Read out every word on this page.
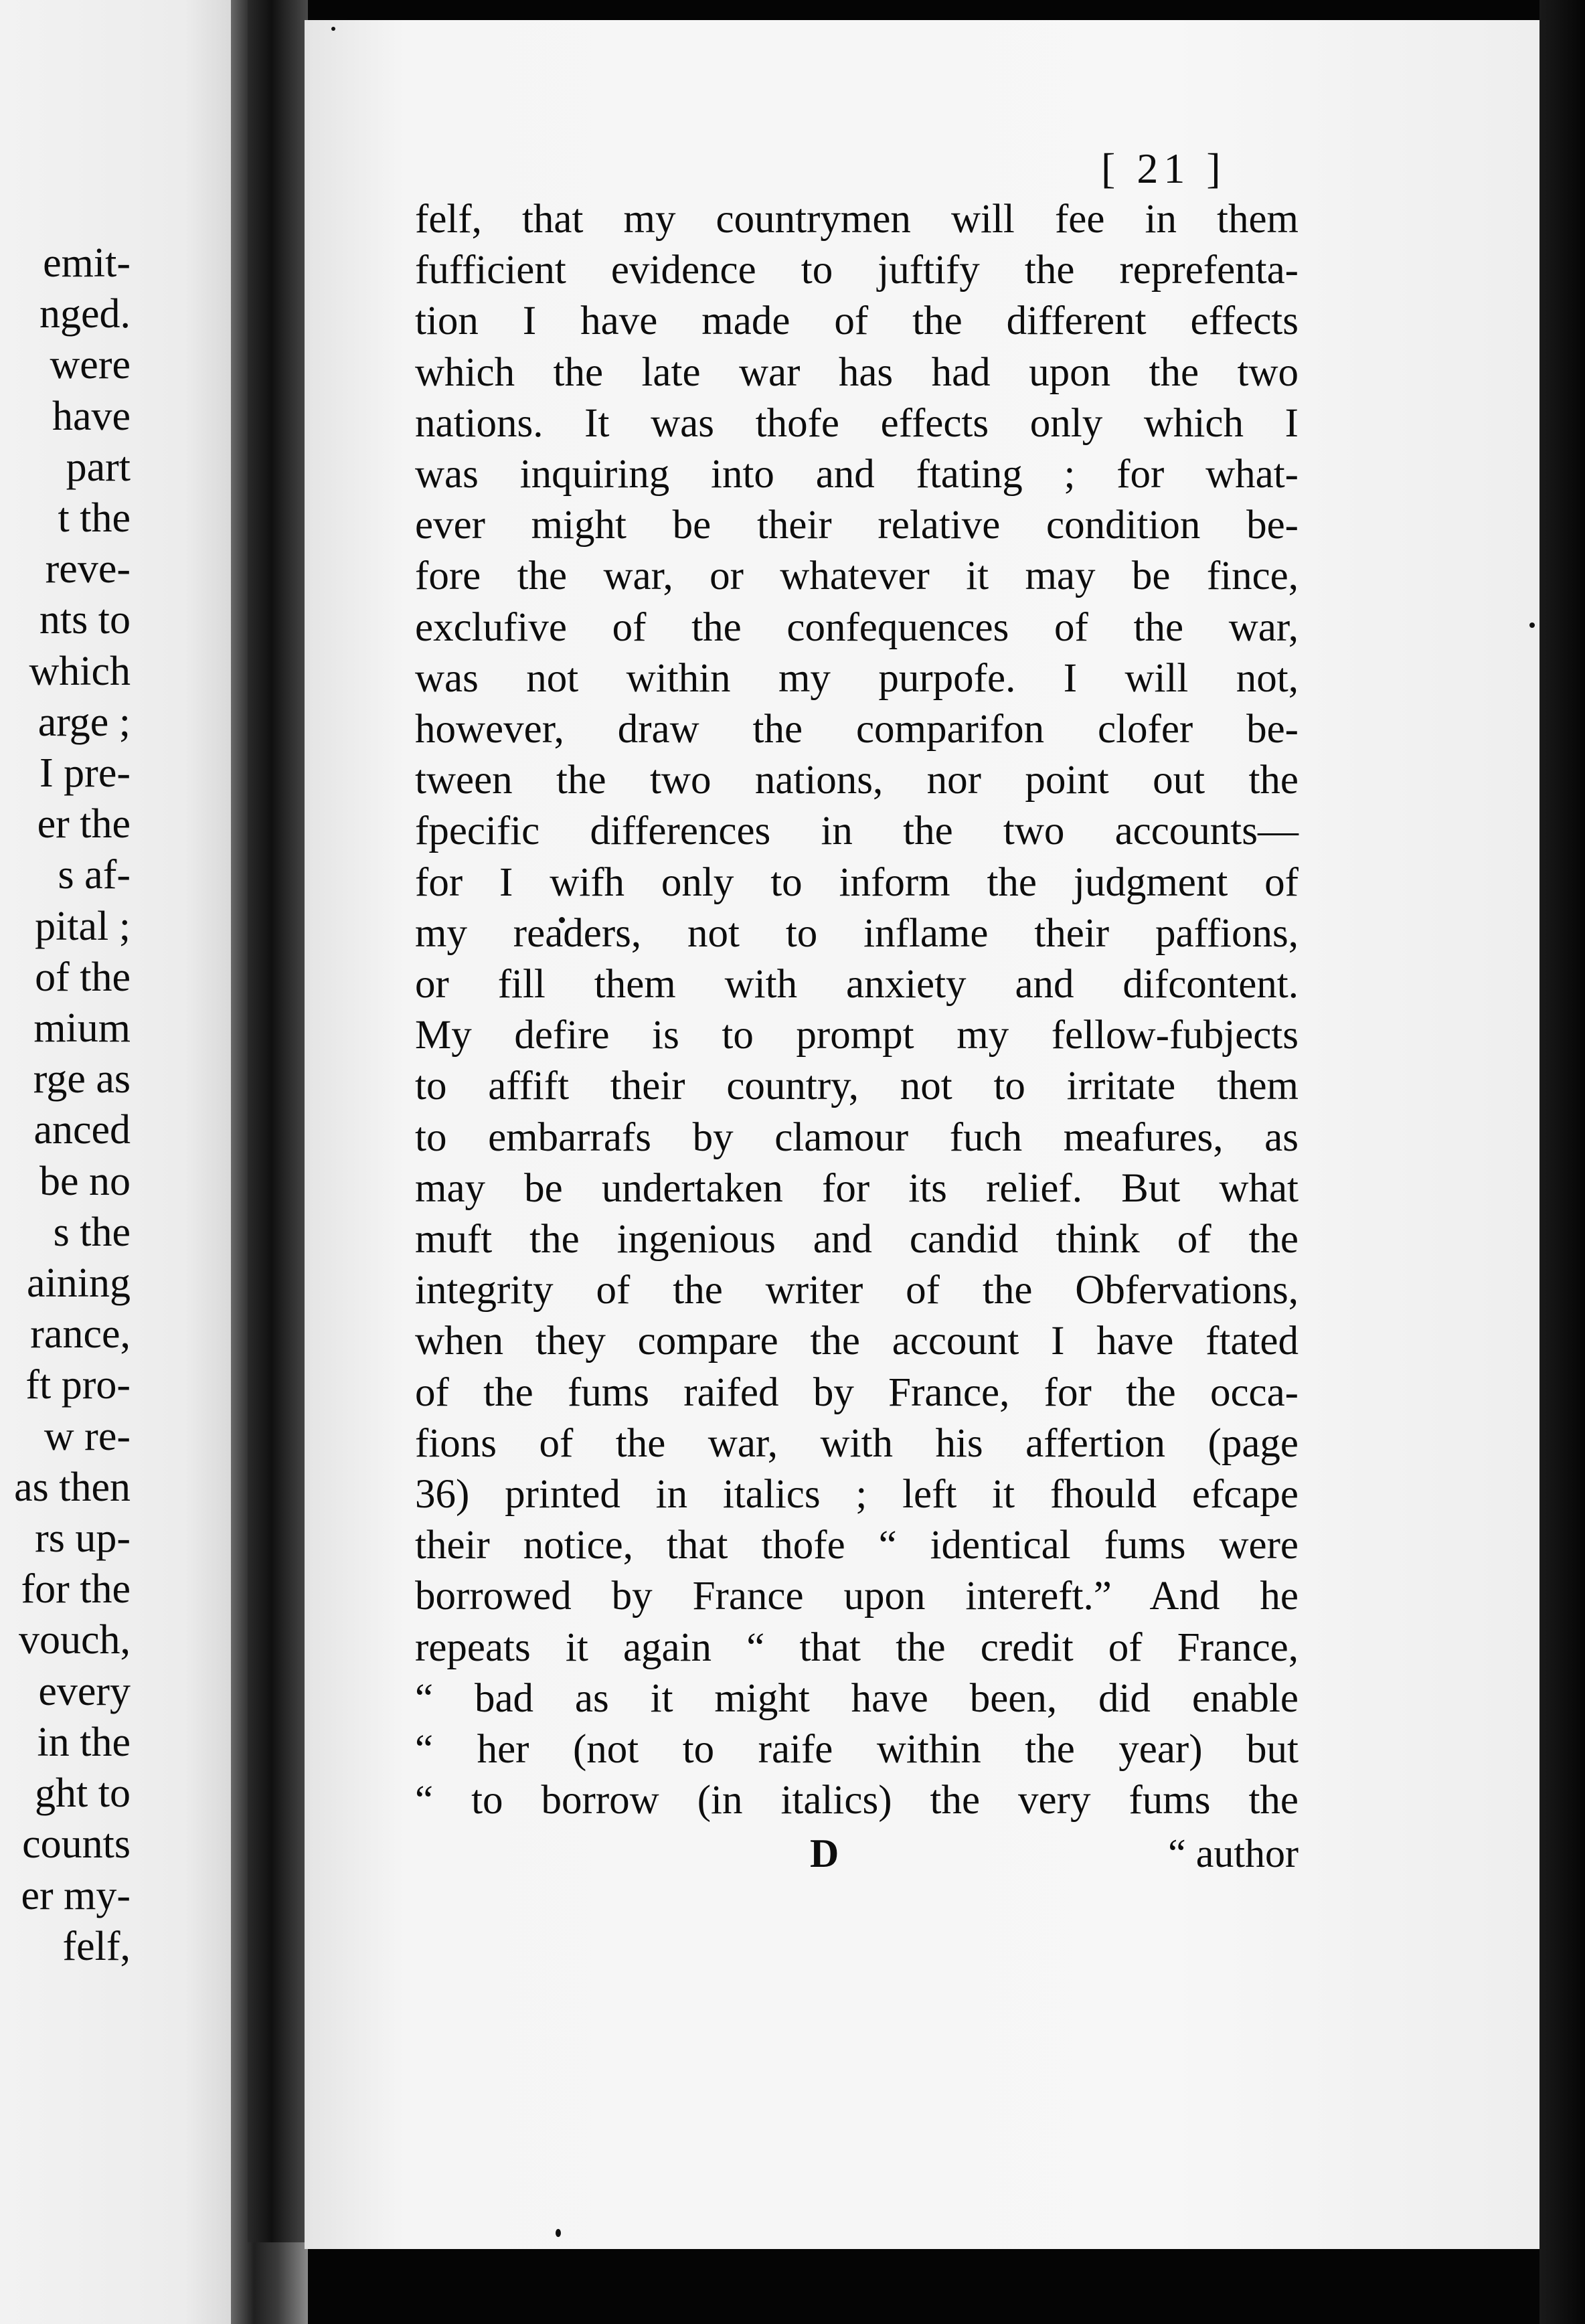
emit-
nged.
were
have
part
t the
reve-
nts to
which
arge ;
I pre-
er the
s af-
pital ;
of the
mium
rge as
anced
be no
s the
aining
rance,
ft pro-
w re-
as then
rs up-
for the
vouch,
every
in the
ght to
counts
er my-
felf,
[ 21 ]
felf, that my countrymen will fee in them
fufficient evidence to juftify the reprefenta-
tion I have made of the different effects
which the late war has had upon the two
nations. It was thofe effects only which I
was inquiring into and ftating ; for what-
ever might be their relative condition be-
fore the war, or whatever it may be fince,
exclufive of the confequences of the war,
was not within my purpofe. I will not,
however, draw the comparifon clofer be-
tween the two nations, nor point out the
fpecific differences in the two accounts—
for I wifh only to inform the judgment of
my readers, not to inflame their paffions,
or fill them with anxiety and difcontent.
My defire is to prompt my fellow-fubjects
to affift their country, not to irritate them
to embarrafs by clamour fuch meafures, as
may be undertaken for its relief. But what
muft the ingenious and candid think of the
integrity of the writer of the Obfervations,
when they compare the account I have ftated
of the fums raifed by France, for the occa-
fions of the war, with his affertion (page
36) printed in italics ; left it fhould efcape
their notice, that thofe “ identical fums were
borrowed by France upon intereft.” And he
repeats it again “ that the credit of France,
“ bad as it might have been, did enable
“ her (not to raife within the year) but
“ to borrow (in italics) the very fums the
D	“ author
